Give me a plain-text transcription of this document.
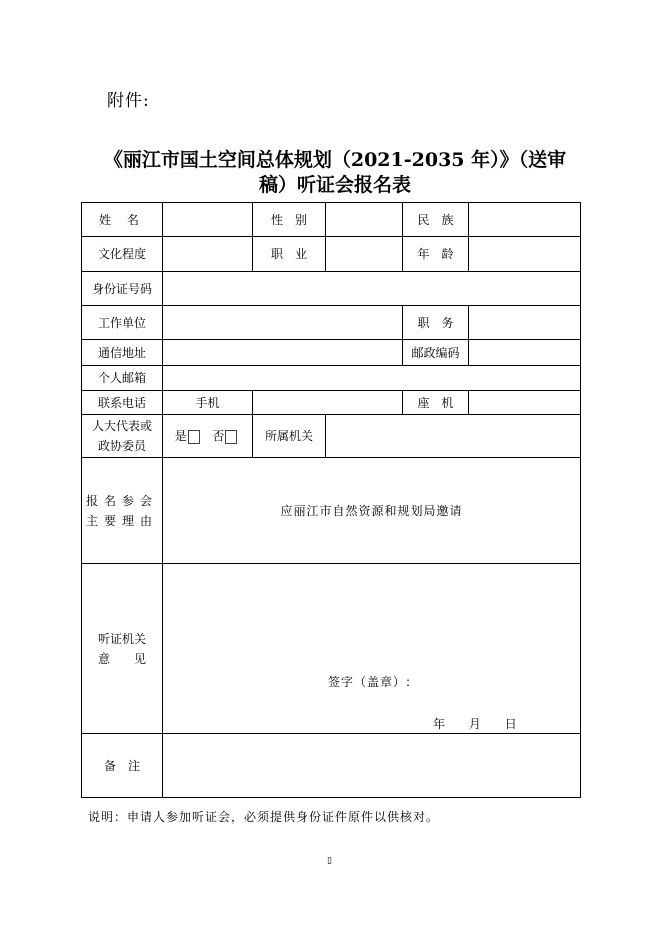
附件:
《丽江市国土空间总体规划（2021-2035 年）》（送审
稿）听证会报名表
姓 名		性　别		民　族	
文化程度		职　业		年　龄	
身份证号码					
工作单位				职　务	
通信地址				邮政编码	
个人邮箱					
联系电话	手机			座　机	

人大代表或
政协委员	是 否	所属机关			

报名参会
主要理由	应丽江市自然资源和规划局邀请				

听证机关
意　　见	签字（盖章）:
年 月 日				

备　注					
说明：申请人参加听证会，必须提供身份证件原件以供核对。
▯
